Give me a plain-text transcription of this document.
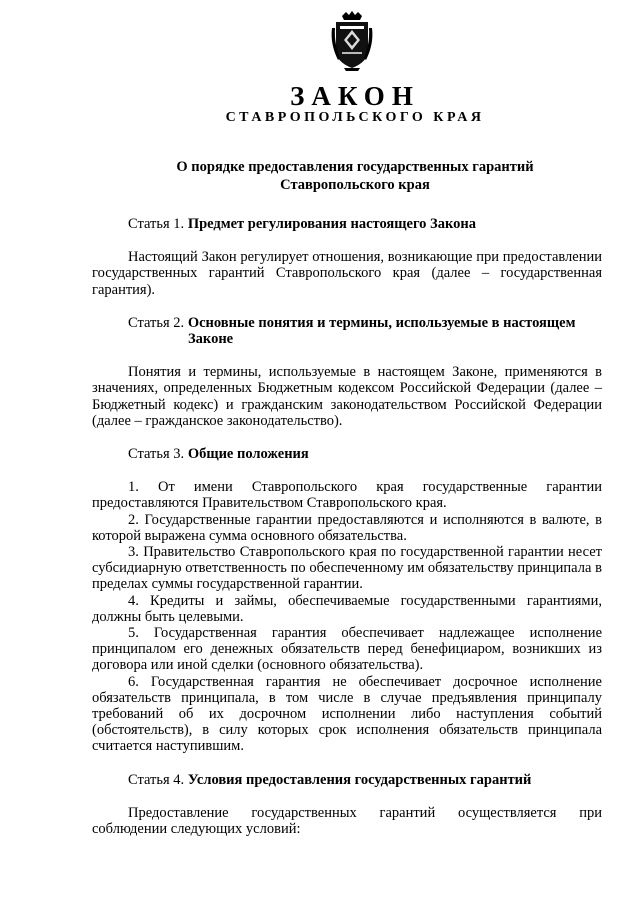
ЗАКОН
СТАВРОПОЛЬСКОГО КРАЯ
О порядке предоставления государственных гарантий
Ставропольского края
Статья 1. Предмет регулирования настоящего Закона

Настоящий Закон регулирует отношения, возникающие при предоставлении государственных гарантий Ставропольского края (далее – государственная гарантия).

Статья 2. Основные понятия и термины, используемые в настоящем Законе

Понятия и термины, используемые в настоящем Законе, применяются в значениях, определенных Бюджетным кодексом Российской Федерации (далее – Бюджетный кодекс) и гражданским законодательством Российской Федерации (далее – гражданское законодательство).

Статья 3. Общие положения

1. От имени Ставропольского края государственные гарантии предоставляются Правительством Ставропольского края.

2. Государственные гарантии предоставляются и исполняются в валюте, в которой выражена сумма основного обязательства.

3. Правительство Ставропольского края по государственной гарантии несет субсидиарную ответственность по обеспеченному им обязательству принципала в пределах суммы государственной гарантии.

4. Кредиты и займы, обеспечиваемые государственными гарантиями, должны быть целевыми.

5. Государственная гарантия обеспечивает надлежащее исполнение принципалом его денежных обязательств перед бенефициаром, возникших из договора или иной сделки (основного обязательства).

6. Государственная гарантия не обеспечивает досрочное исполнение обязательств принципала, в том числе в случае предъявления принципалу требований об их досрочном исполнении либо наступления событий (обстоятельств), в силу которых срок исполнения обязательств принципала считается наступившим.

Статья 4. Условия предоставления государственных гарантий

Предоставление государственных гарантий осуществляется при соблюдении следующих условий:
